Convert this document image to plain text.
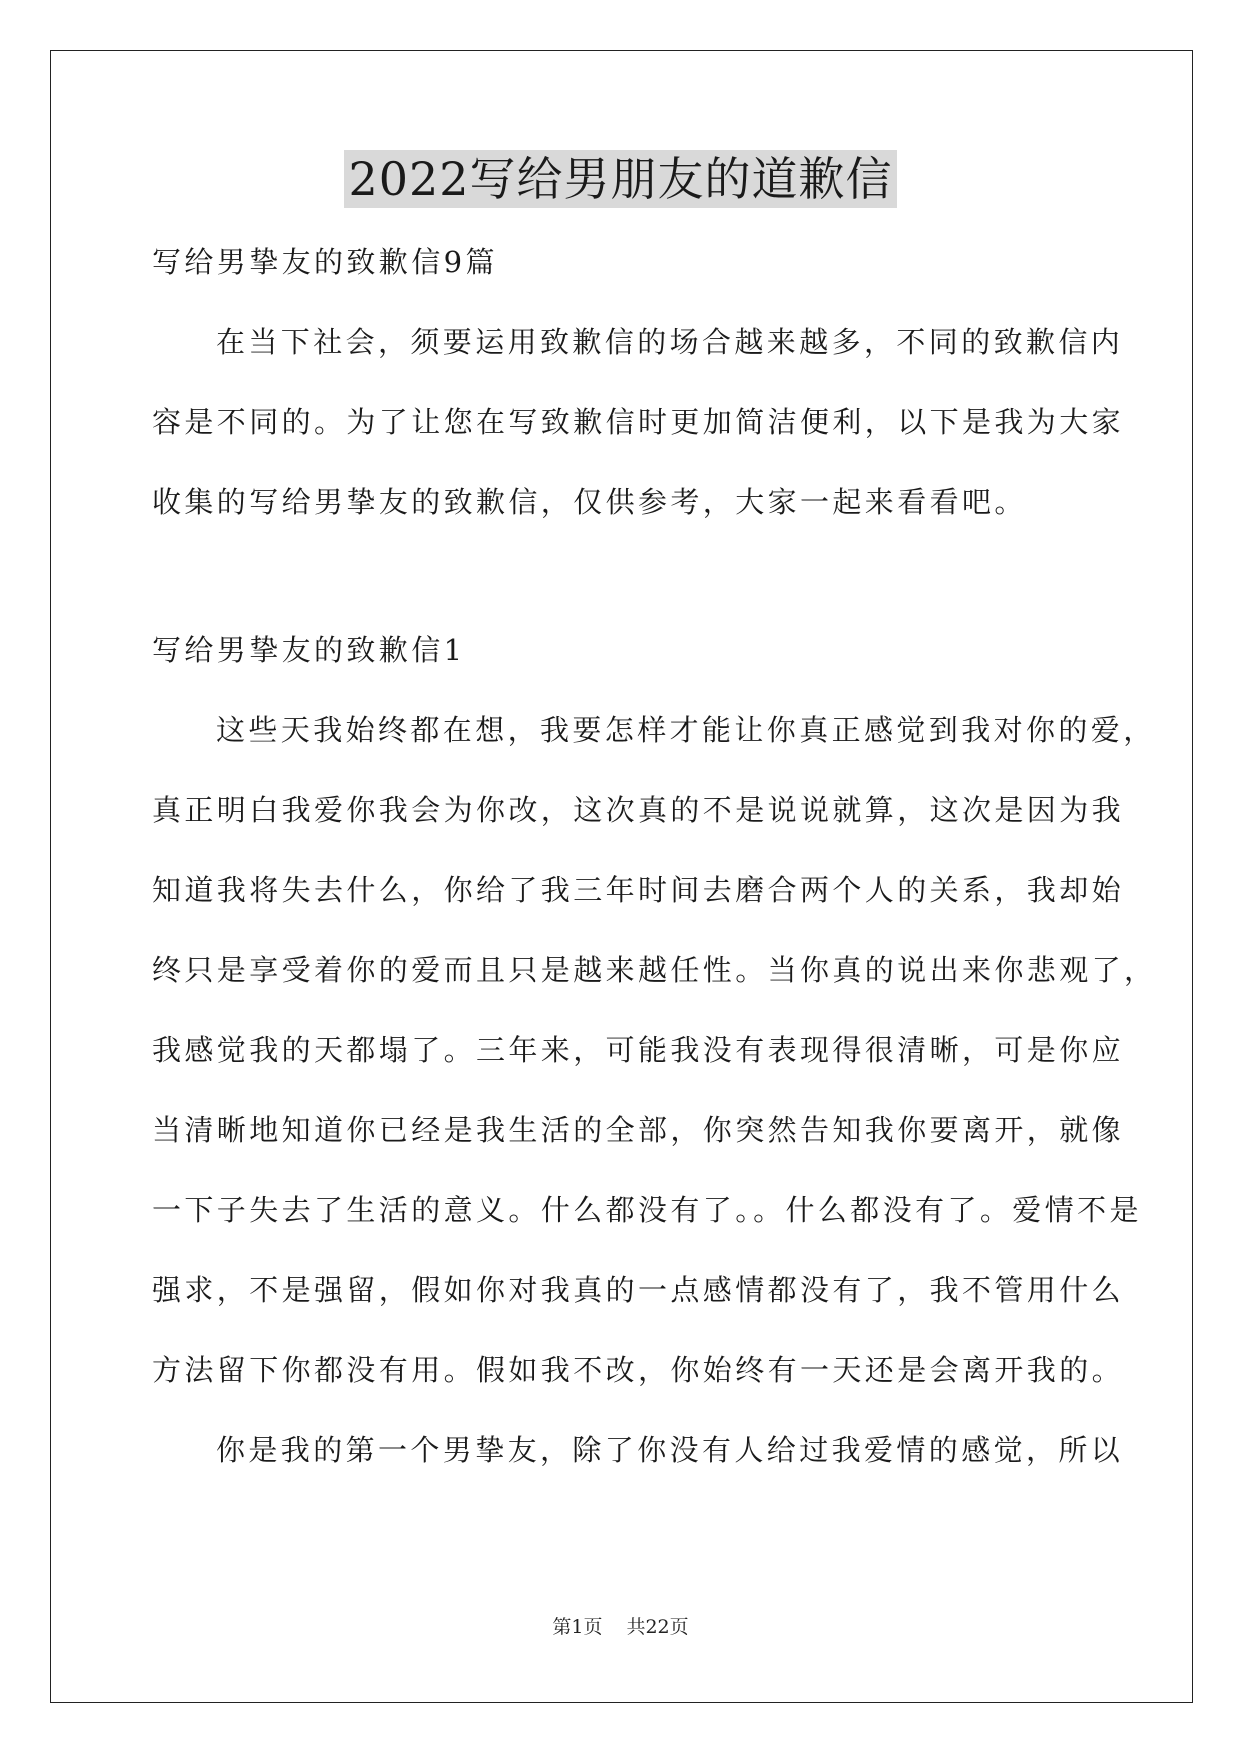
2022写给男朋友的道歉信
写给男挚友的致歉信9篇
在当下社会，须要运用致歉信的场合越来越多，不同的致歉信内
容是不同的。为了让您在写致歉信时更加简洁便利，以下是我为大家
收集的写给男挚友的致歉信，仅供参考，大家一起来看看吧。
写给男挚友的致歉信1
这些天我始终都在想，我要怎样才能让你真正感觉到我对你的爱，
真正明白我爱你我会为你改，这次真的不是说说就算，这次是因为我
知道我将失去什么，你给了我三年时间去磨合两个人的关系，我却始
终只是享受着你的爱而且只是越来越任性。当你真的说出来你悲观了，
我感觉我的天都塌了。三年来，可能我没有表现得很清晰，可是你应
当清晰地知道你已经是我生活的全部，你突然告知我你要离开，就像
一下子失去了生活的意义。什么都没有了。。什么都没有了。爱情不是
强求，不是强留，假如你对我真的一点感情都没有了，我不管用什么
方法留下你都没有用。假如我不改，你始终有一天还是会离开我的。
你是我的第一个男挚友，除了你没有人给过我爱情的感觉，所以
第1页 共22页
